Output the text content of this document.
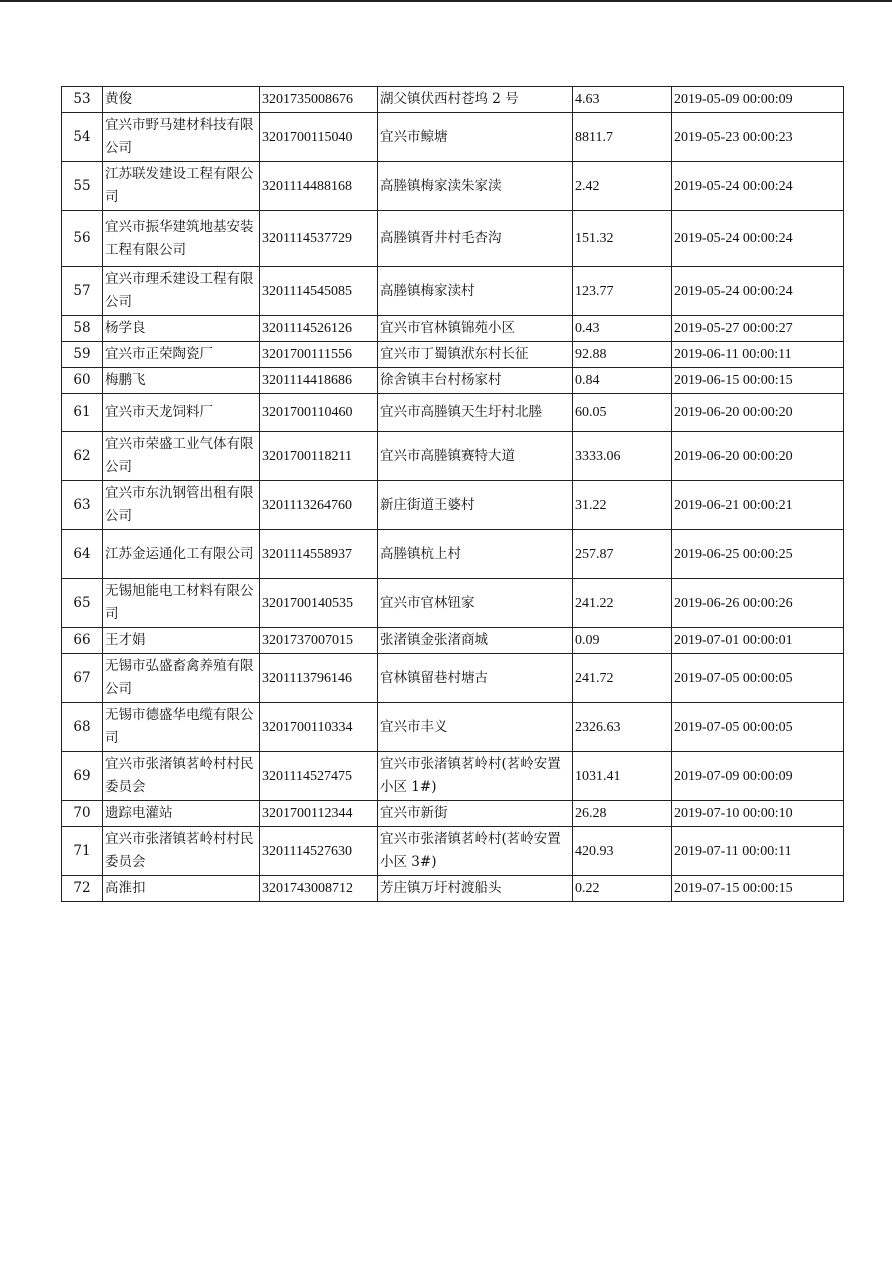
53	黄俊	3201735008676	湖父镇伏西村苍坞 2 号	4.63	2019-05-09 00:00:09
54	宜兴市野马建材科技有限公司	3201700115040	宜兴市鲸塘	8811.7	2019-05-23 00:00:23
55	江苏联发建设工程有限公司	3201114488168	高塍镇梅家渎朱家渎	2.42	2019-05-24 00:00:24
56	宜兴市振华建筑地基安装工程有限公司	3201114537729	高塍镇胥井村毛杏沟	151.32	2019-05-24 00:00:24
57	宜兴市理禾建设工程有限公司	3201114545085	高塍镇梅家渎村	123.77	2019-05-24 00:00:24
58	杨学良	3201114526126	宜兴市官林镇锦苑小区	0.43	2019-05-27 00:00:27
59	宜兴市正荣陶瓷厂	3201700111556	宜兴市丁蜀镇洑东村长征	92.88	2019-06-11 00:00:11
60	梅鹏飞	3201114418686	徐舍镇丰台村杨家村	0.84	2019-06-15 00:00:15
61	宜兴市天龙饲料厂	3201700110460	宜兴市高塍镇天生圩村北塍	60.05	2019-06-20 00:00:20
62	宜兴市荣盛工业气体有限公司	3201700118211	宜兴市高塍镇赛特大道	3333.06	2019-06-20 00:00:20
63	宜兴市东氿钢管出租有限公司	3201113264760	新庄街道王婆村	31.22	2019-06-21 00:00:21
64	江苏金运通化工有限公司	3201114558937	高塍镇杭上村	257.87	2019-06-25 00:00:25
65	无锡旭能电工材料有限公司	3201700140535	宜兴市官林钮家	241.22	2019-06-26 00:00:26
66	王才娟	3201737007015	张渚镇金张渚商城	0.09	2019-07-01 00:00:01
67	无锡市弘盛畜禽养殖有限公司	3201113796146	官林镇留巷村塘古	241.72	2019-07-05 00:00:05
68	无锡市德盛华电缆有限公司	3201700110334	宜兴市丰义	2326.63	2019-07-05 00:00:05
69	宜兴市张渚镇茗岭村村民委员会	3201114527475	宜兴市张渚镇茗岭村(茗岭安置小区 1#)	1031.41	2019-07-09 00:00:09
70	遗踪电灌站	3201700112344	宜兴市新街	26.28	2019-07-10 00:00:10
71	宜兴市张渚镇茗岭村村民委员会	3201114527630	宜兴市张渚镇茗岭村(茗岭安置小区 3#)	420.93	2019-07-11 00:00:11
72	高淮扣	3201743008712	芳庄镇万圩村渡船头	0.22	2019-07-15 00:00:15
